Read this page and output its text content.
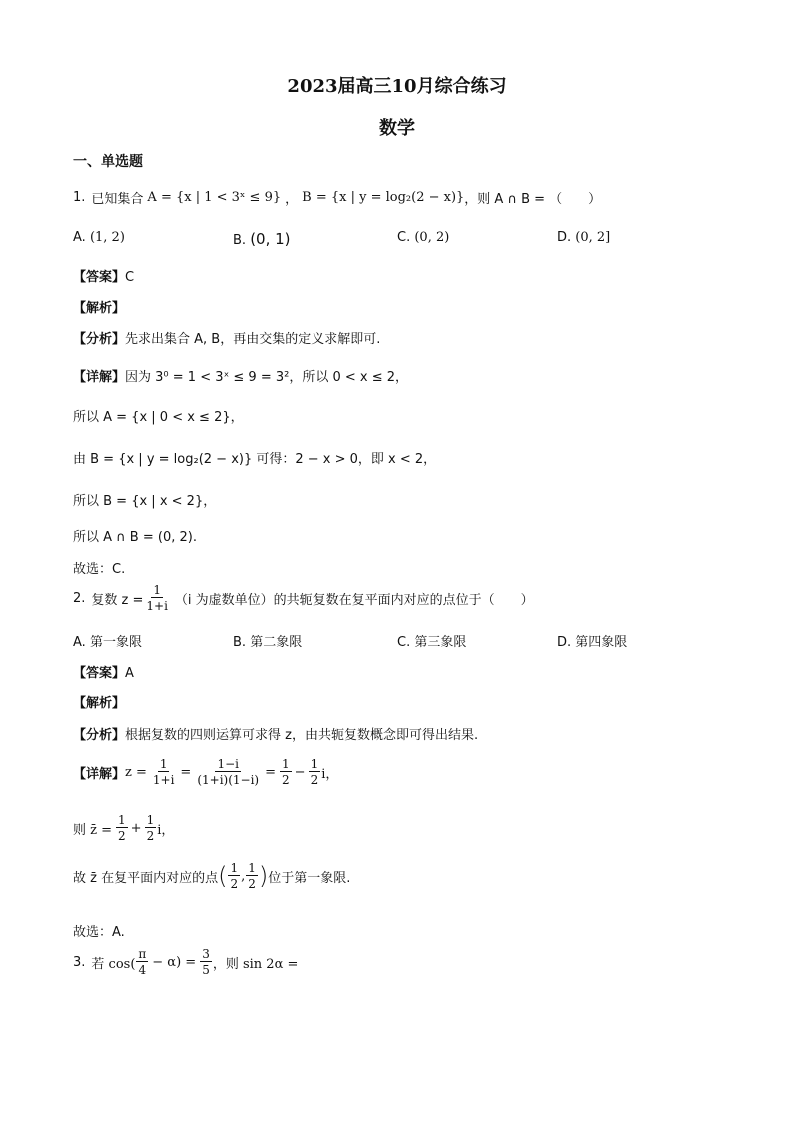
2023届高三10月综合练习
数学
一、单选题
1. 已知集合 A = {x | 1 < 3ˣ ≤ 9} ， B = {x | y = log₂(2 − x)} ，则 A ∩ B = （　　）
A. (1, 2)	B. (0, 1)	C. (0, 2)	D. (0, 2]
【答案】C
【解析】
【分析】先求出集合 A, B，再由交集的定义求解即可.
【详解】因为 3⁰ = 1 < 3ˣ ≤ 9 = 3²，所以 0 < x ≤ 2，
所以 A = {x | 0 < x ≤ 2}，
由 B = {x | y = log₂(2 − x)} 可得：2 − x > 0，即 x < 2，
所以 B = {x | x < 2}，
所以 A ∩ B = (0, 2).
故选：C.
2. 复数 $z = \frac{1}{1+i} (i$ 为虚数单位）的共轭复数在复平面内对应的点位于（　　）
A. 第一象限	B. 第二象限	C. 第三象限	D. 第四象限
【答案】A
【解析】
【分析】根据复数的四则运算可求得 z，由共轭复数概念即可得出结果.
【详解】 $z = \frac{1}{1+i} = \frac{1-i}{(1+i)(1-i)} = \frac{1}{2} - \frac{1}{2}$ i，
则 z̄ = $\frac{1}{2} + \frac{1}{2}$ i，
故 z̄ 在复平面内对应的点 ( $\frac{1}{2}$ , $\frac{1}{2}$ ) 位于第一象限.
故选：A.
3. 若 $\cos( \frac{\pi}{4} - \alpha) = \frac{3}{5}$ ，则 sin 2α =
